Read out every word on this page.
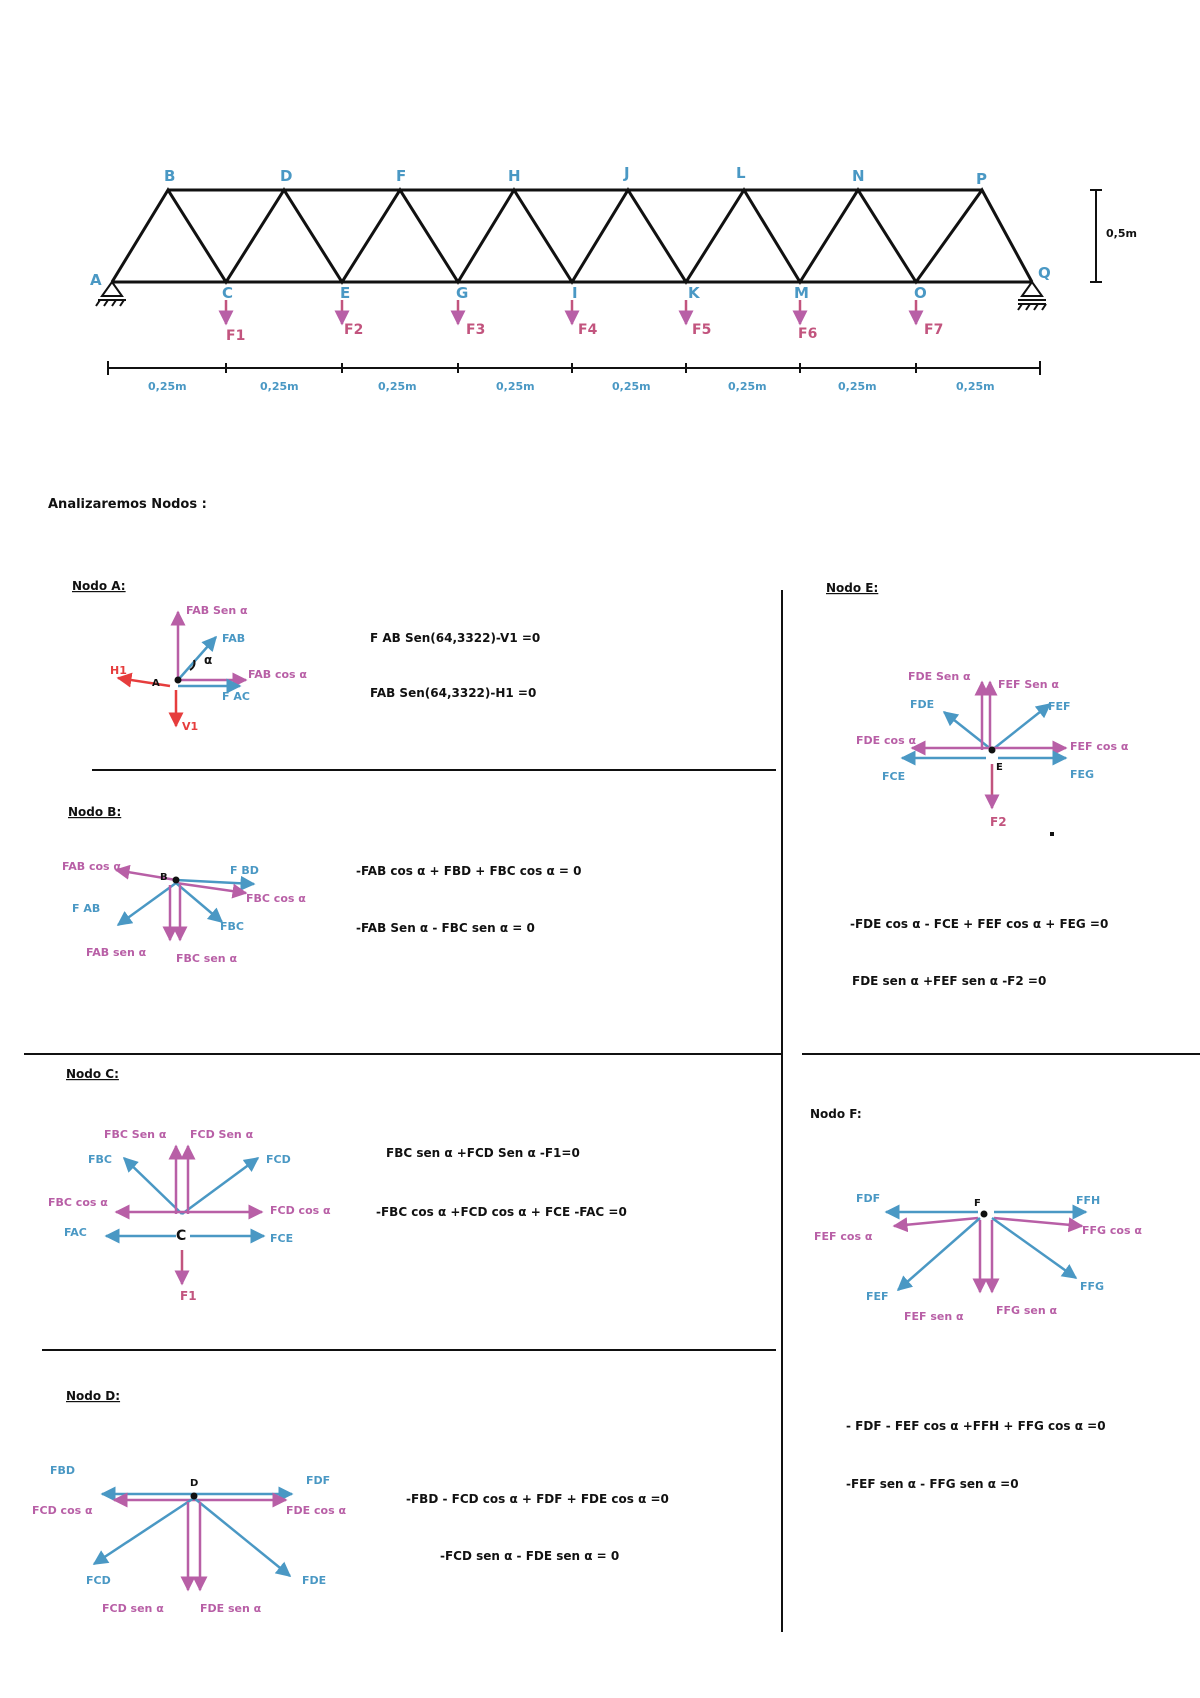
B	D	F	H	J	L	N	P
A
C	E	G	I	K	M	O
Q
F1	F2	F3	F4	F5	F6	F7
0,5m
0,25m	0,25m	0,25m	0,25m	0,25m	0,25m	0,25m	0,25m
Analizaremos Nodos :
Nodo A:
A
FAB Sen α
FAB
α
FAB cos α
F AC
H1
V1
F AB Sen(64,3322)-V1 =0
FAB Sen(64,3322)-H1 =0
Nodo B:
B
FAB cos α	F BD
FBC cos α
F AB
FBC
FAB sen α	FBC sen α
-FAB cos α + FBD + FBC cos α = 0
-FAB Sen α - FBC sen α = 0
Nodo C:
C
FBC Sen α FCD Sen α
FBC	FCD
FBC cos α
FCD cos α
FAC	FCE
F1
FBC sen α +FCD Sen α -F1=0
-FBC cos α +FCD cos α + FCE -FAC =0
Nodo D:
D
FBD
FDF
FCD cos α	FDE cos α
FCD	FDE
FCD sen α	FDE sen α
-FBD - FCD cos α + FDF + FDE cos α =0
-FCD sen α - FDE sen α = 0
Nodo E:
E
FDE Sen α
FEF Sen α
FDE	FEF
FDE cos α	FEF cos α
FCE	FEG
F2
-FDE cos α - FCE + FEF cos α + FEG =0
FDE sen α +FEF sen α -F2 =0
Nodo F:
F
FDF	FFH
FEF cos α	FFG cos α
FEF
FFG
FEF sen α	FFG sen α
- FDF - FEF cos α +FFH + FFG cos α =0
-FEF sen α - FFG sen α =0
